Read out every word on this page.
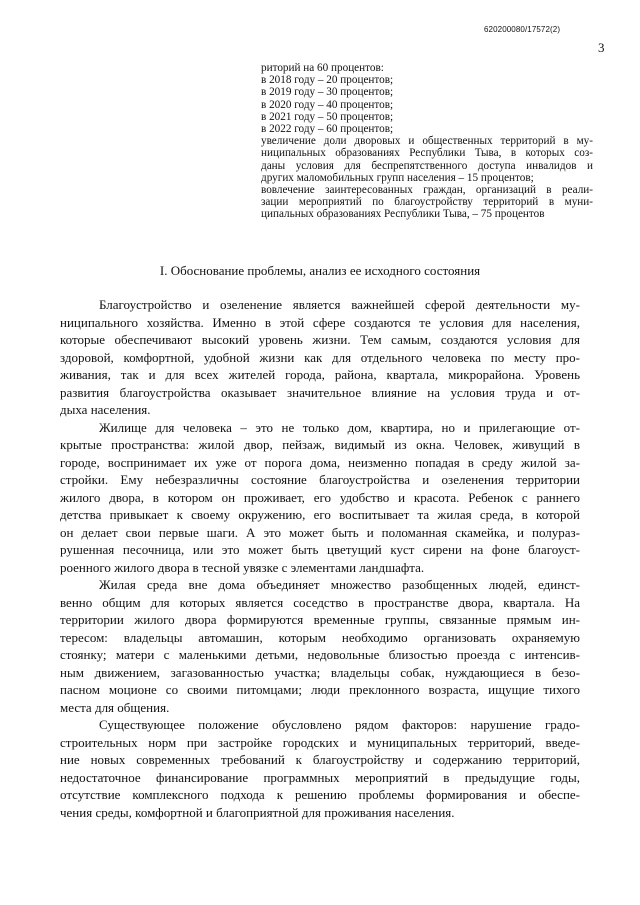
620200080/17572(2)
3
риторий на 60 процентов:
в 2018 году – 20 процентов;
в 2019 году – 30 процентов;
в 2020 году – 40 процентов;
в 2021 году – 50 процентов;
в 2022 году – 60 процентов;
увеличение доли дворовых и общественных территорий в му-
ниципальных образованиях Республики Тыва, в которых соз-
даны условия для беспрепятственного доступа инвалидов и
других маломобильных групп населения – 15 процентов;
вовлечение заинтересованных граждан, организаций в реали-
зации мероприятий по благоустройству территорий в муни-
ципальных образованиях Республики Тыва, – 75 процентов
I. Обоснование проблемы, анализ ее исходного состояния
Благоустройство и озеленение является важнейшей сферой деятельности му-
ниципального хозяйства. Именно в этой сфере создаются те условия для населения,
которые обеспечивают высокий уровень жизни. Тем самым, создаются условия для
здоровой, комфортной, удобной жизни как для отдельного человека по месту про-
живания, так и для всех жителей города, района, квартала, микрорайона. Уровень
развития благоустройства оказывает значительное влияние на условия труда и от-
дыха населения.
Жилище для человека – это не только дом, квартира, но и прилегающие от-
крытые пространства: жилой двор, пейзаж, видимый из окна. Человек, живущий в
городе, воспринимает их уже от порога дома, неизменно попадая в среду жилой за-
стройки. Ему небезразличны состояние благоустройства и озеленения территории
жилого двора, в котором он проживает, его удобство и красота. Ребенок с раннего
детства привыкает к своему окружению, его воспитывает та жилая среда, в которой
он делает свои первые шаги. А это может быть и поломанная скамейка, и полураз-
рушенная песочница, или это может быть цветущий куст сирени на фоне благоуст-
роенного жилого двора в тесной увязке с элементами ландшафта.
Жилая среда вне дома объединяет множество разобщенных людей, единст-
венно общим для которых является соседство в пространстве двора, квартала. На
территории жилого двора формируются временные группы, связанные прямым ин-
тересом: владельцы автомашин, которым необходимо организовать охраняемую
стоянку; матери с маленькими детьми, недовольные близостью проезда с интенсив-
ным движением, загазованностью участка; владельцы собак, нуждающиеся в безо-
пасном моционе со своими питомцами; люди преклонного возраста, ищущие тихого
места для общения.
Существующее положение обусловлено рядом факторов: нарушение градо-
строительных норм при застройке городских и муниципальных территорий, введе-
ние новых современных требований к благоустройству и содержанию территорий,
недостаточное финансирование программных мероприятий в предыдущие годы,
отсутствие комплексного подхода к решению проблемы формирования и обеспе-
чения среды, комфортной и благоприятной для проживания населения.
